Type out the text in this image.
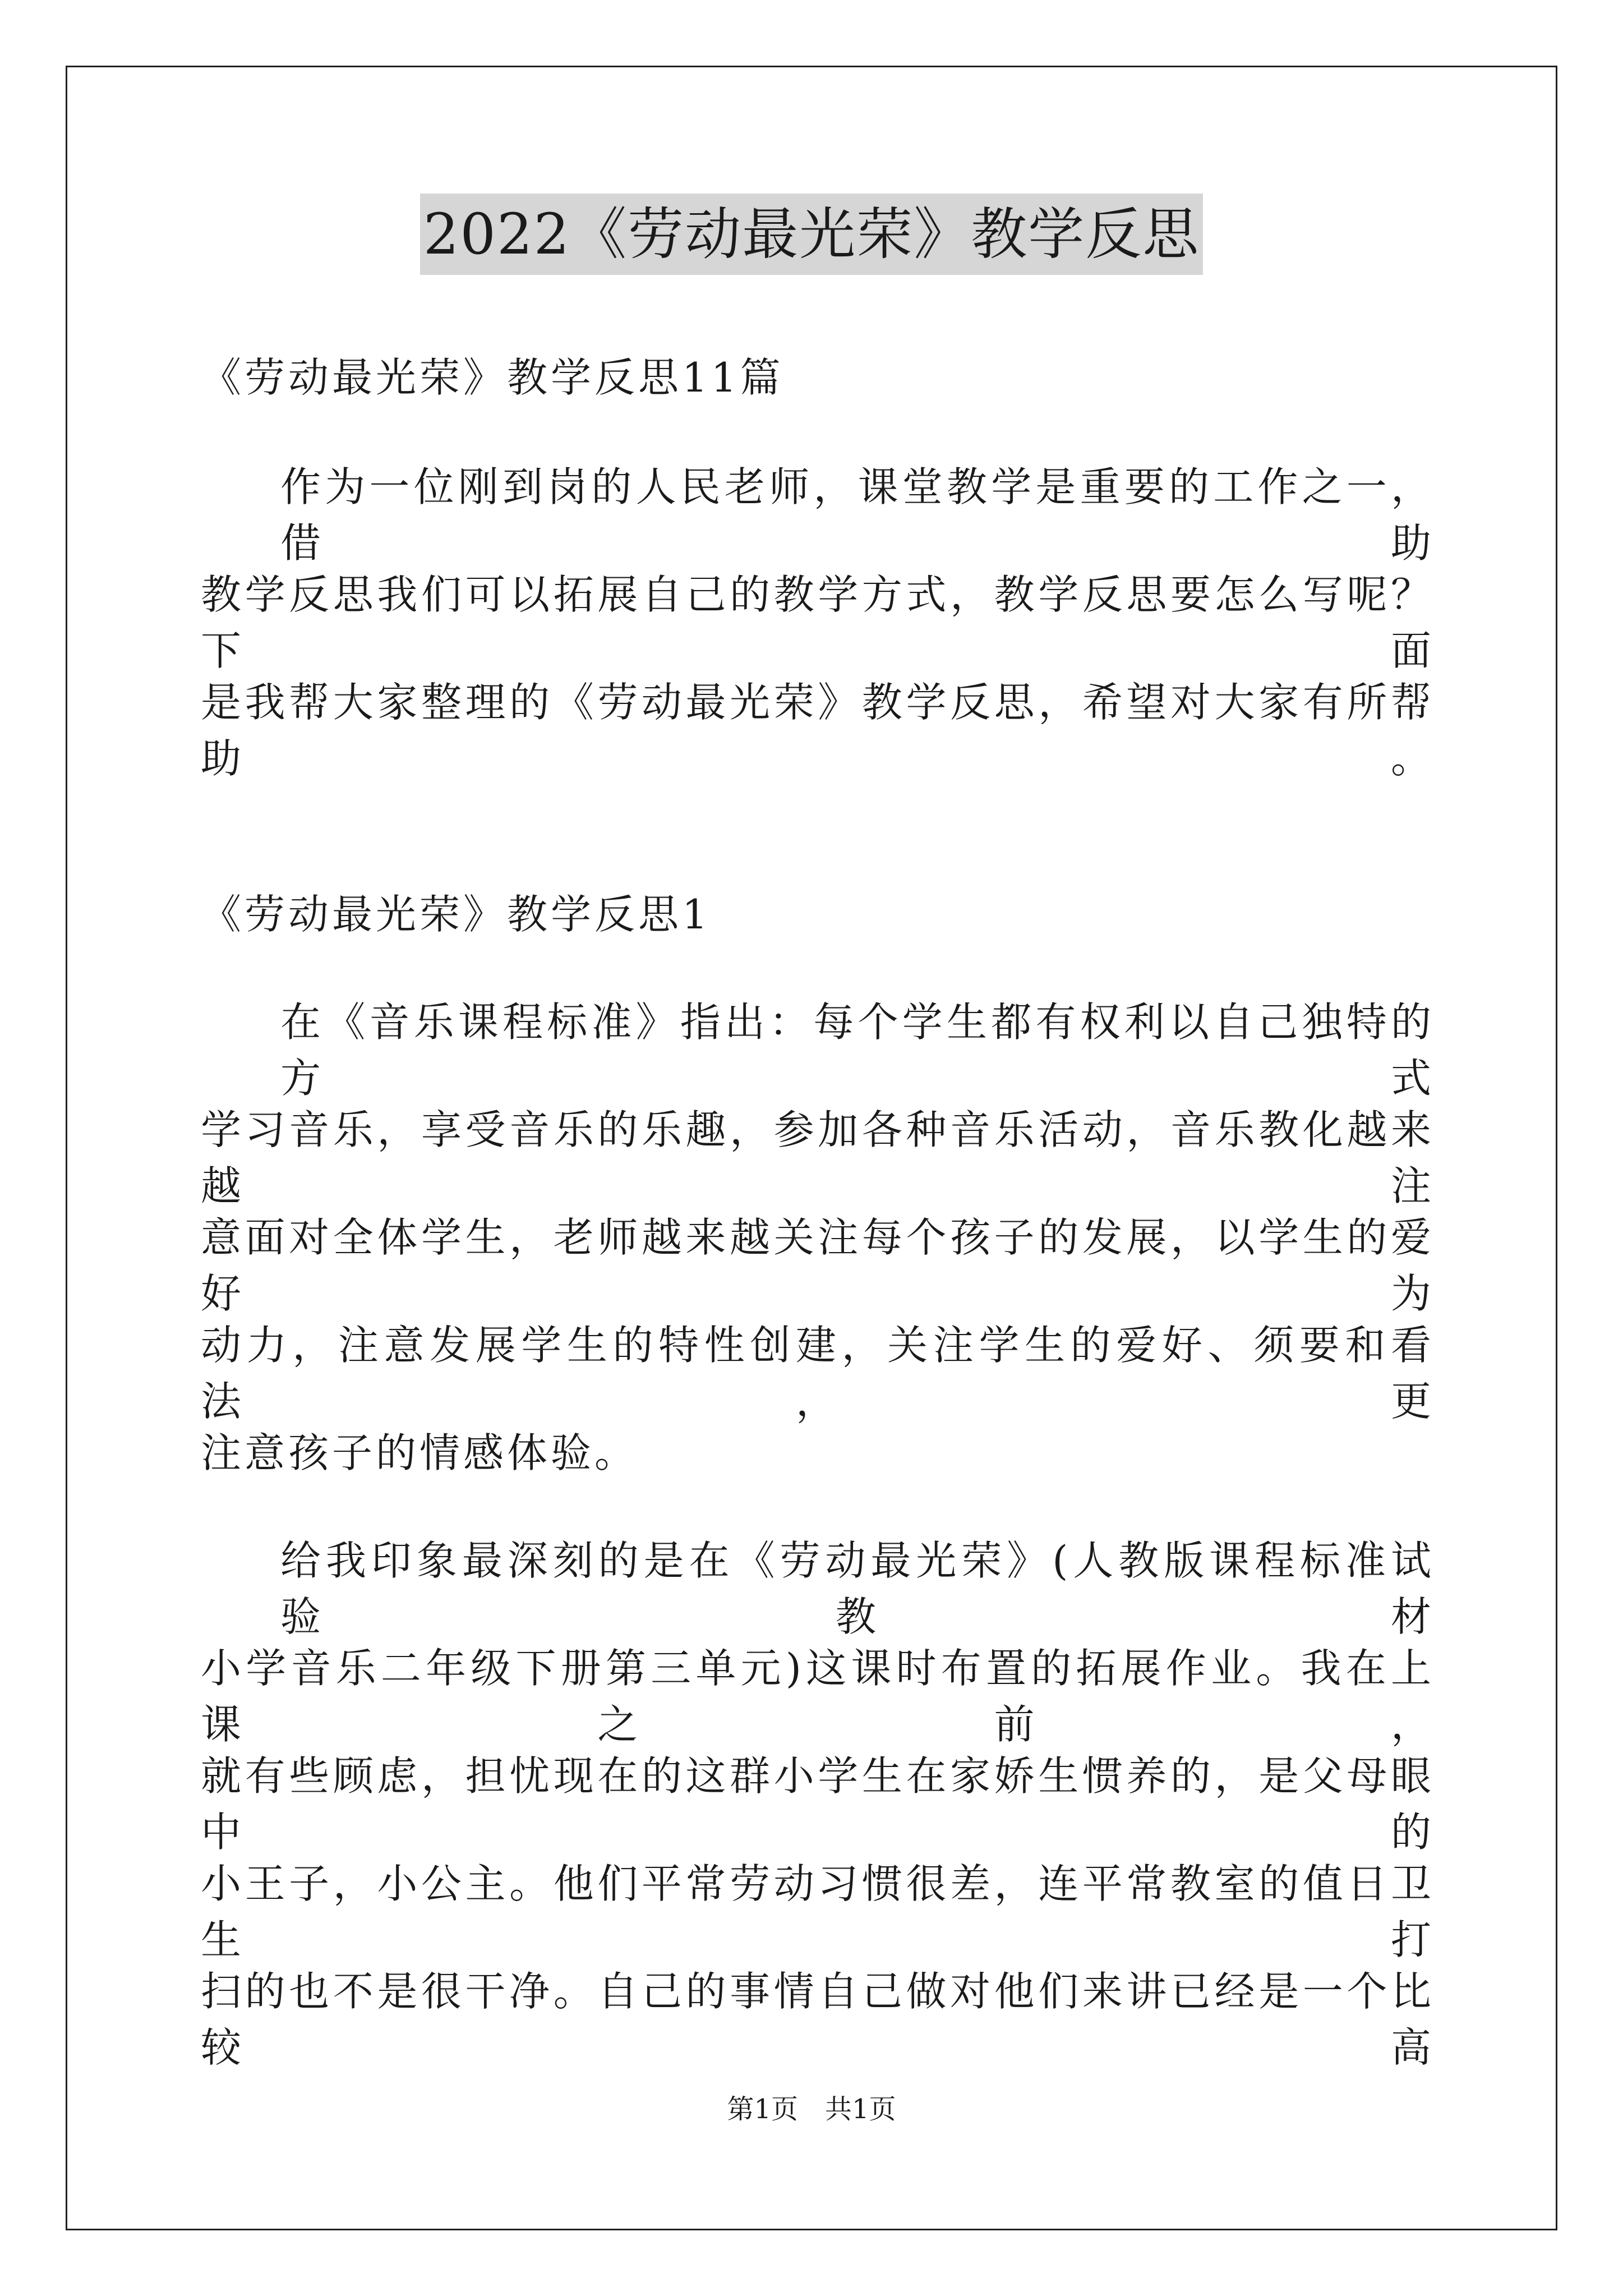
2022《劳动最光荣》教学反思
《劳动最光荣》教学反思11篇
作为一位刚到岗的人民老师，课堂教学是重要的工作之一，借助
教学反思我们可以拓展自己的教学方式，教学反思要怎么写呢？下面
是我帮大家整理的《劳动最光荣》教学反思，希望对大家有所帮助。
《劳动最光荣》教学反思1
在《音乐课程标准》指出：每个学生都有权利以自己独特的方式
学习音乐，享受音乐的乐趣，参加各种音乐活动，音乐教化越来越注
意面对全体学生，老师越来越关注每个孩子的发展，以学生的爱好为
动力，注意发展学生的特性创建，关注学生的爱好、须要和看法，更
注意孩子的情感体验。
给我印象最深刻的是在《劳动最光荣》(人教版课程标准试验教材
小学音乐二年级下册第三单元)这课时布置的拓展作业。我在上课之前，
就有些顾虑，担忧现在的这群小学生在家娇生惯养的，是父母眼中的
小王子，小公主。他们平常劳动习惯很差，连平常教室的值日卫生打
扫的也不是很干净。自己的事情自己做对他们来讲已经是一个比较高
第1页　共1页
